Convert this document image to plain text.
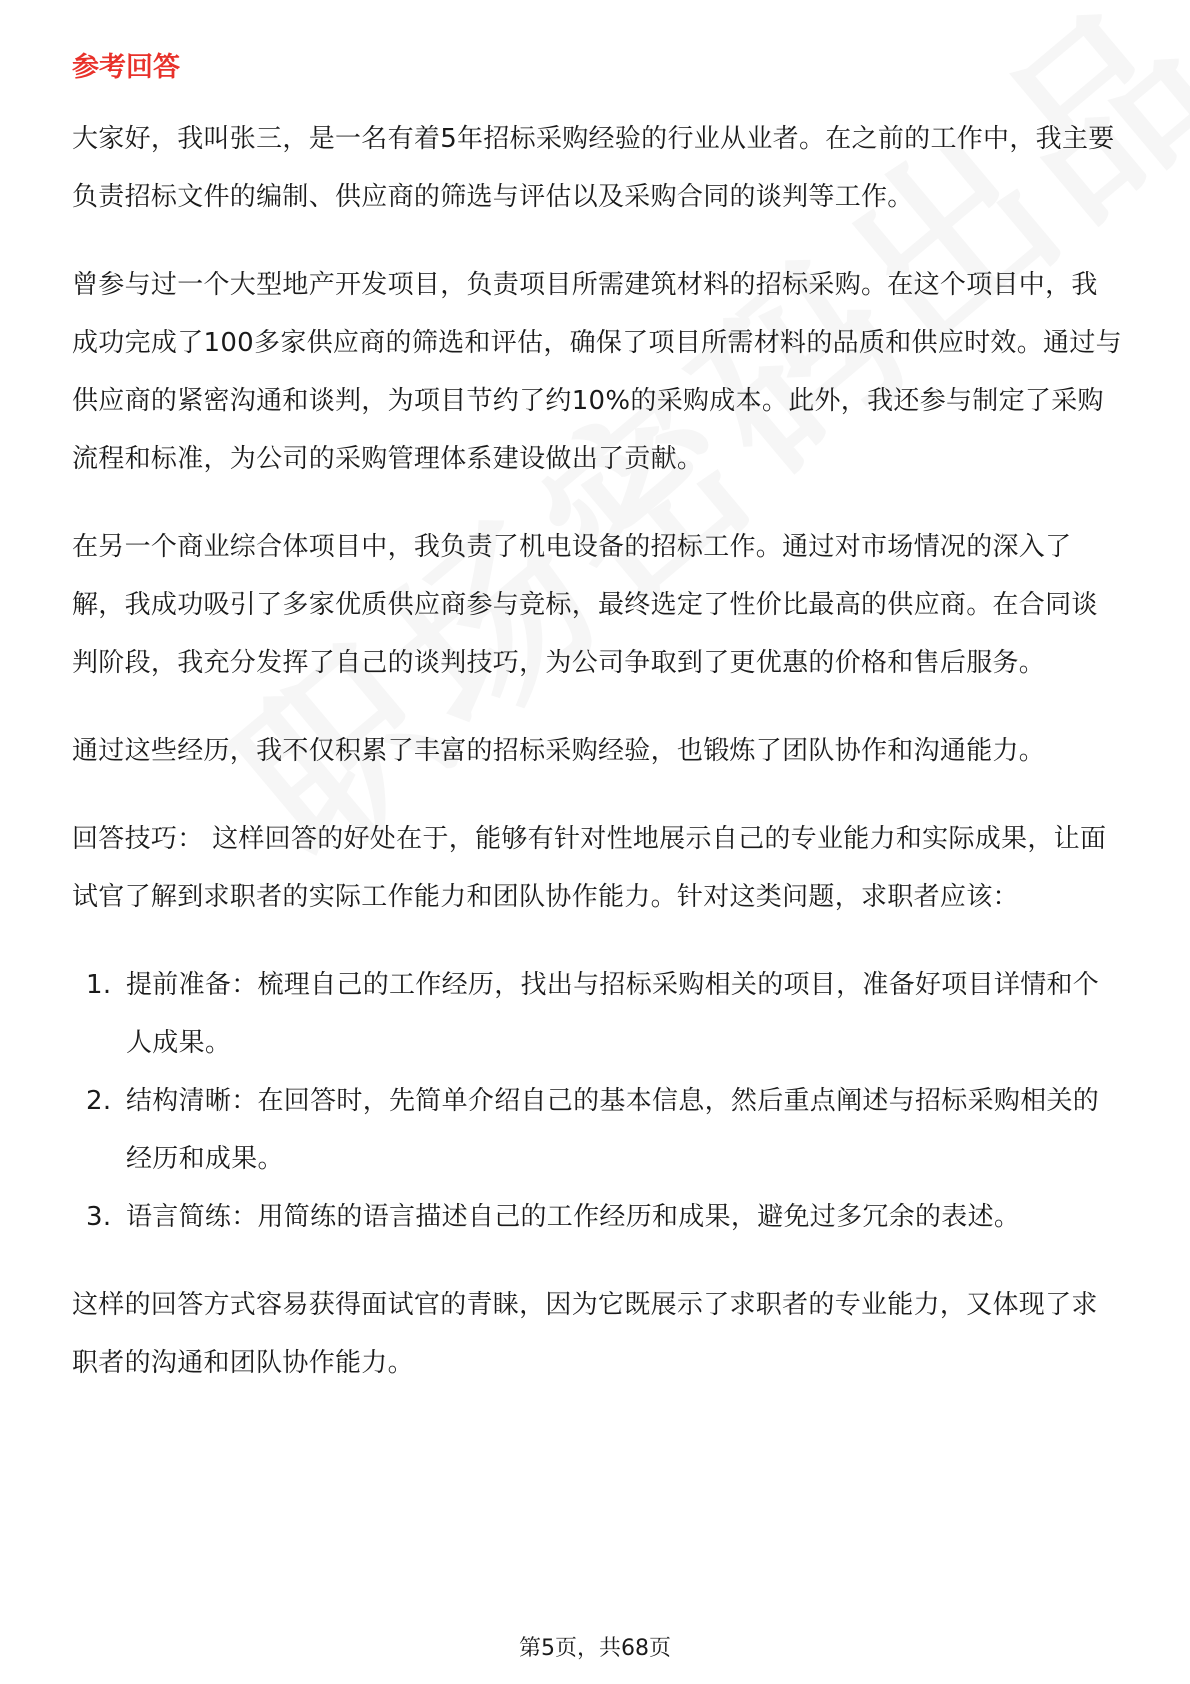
参考回答

大家好，我叫张三，是一名有着5年招标采购经验的行业从业者。在之前的工作中，我主要负责招标文件的编制、供应商的筛选与评估以及采购合同的谈判等工作。

曾参与过一个大型地产开发项目，负责项目所需建筑材料的招标采购。在这个项目中，我成功完成了100多家供应商的筛选和评估，确保了项目所需材料的品质和供应时效。通过与供应商的紧密沟通和谈判，为项目节约了约10%的采购成本。此外，我还参与制定了采购流程和标准，为公司的采购管理体系建设做出了贡献。

在另一个商业综合体项目中，我负责了机电设备的招标工作。通过对市场情况的深入了解，我成功吸引了多家优质供应商参与竞标，最终选定了性价比最高的供应商。在合同谈判阶段，我充分发挥了自己的谈判技巧，为公司争取到了更优惠的价格和售后服务。

通过这些经历，我不仅积累了丰富的招标采购经验，也锻炼了团队协作和沟通能力。

回答技巧： 这样回答的好处在于，能够有针对性地展示自己的专业能力和实际成果，让面试官了解到求职者的实际工作能力和团队协作能力。针对这类问题，求职者应该：

1. 提前准备：梳理自己的工作经历，找出与招标采购相关的项目，准备好项目详情和个人成果。
2. 结构清晰：在回答时，先简单介绍自己的基本信息，然后重点阐述与招标采购相关的经历和成果。
3. 语言简练：用简练的语言描述自己的工作经历和成果，避免过多冗余的表述。

这样的回答方式容易获得面试官的青睐，因为它既展示了求职者的专业能力，又体现了求职者的沟通和团队协作能力。

第5页，共68页
